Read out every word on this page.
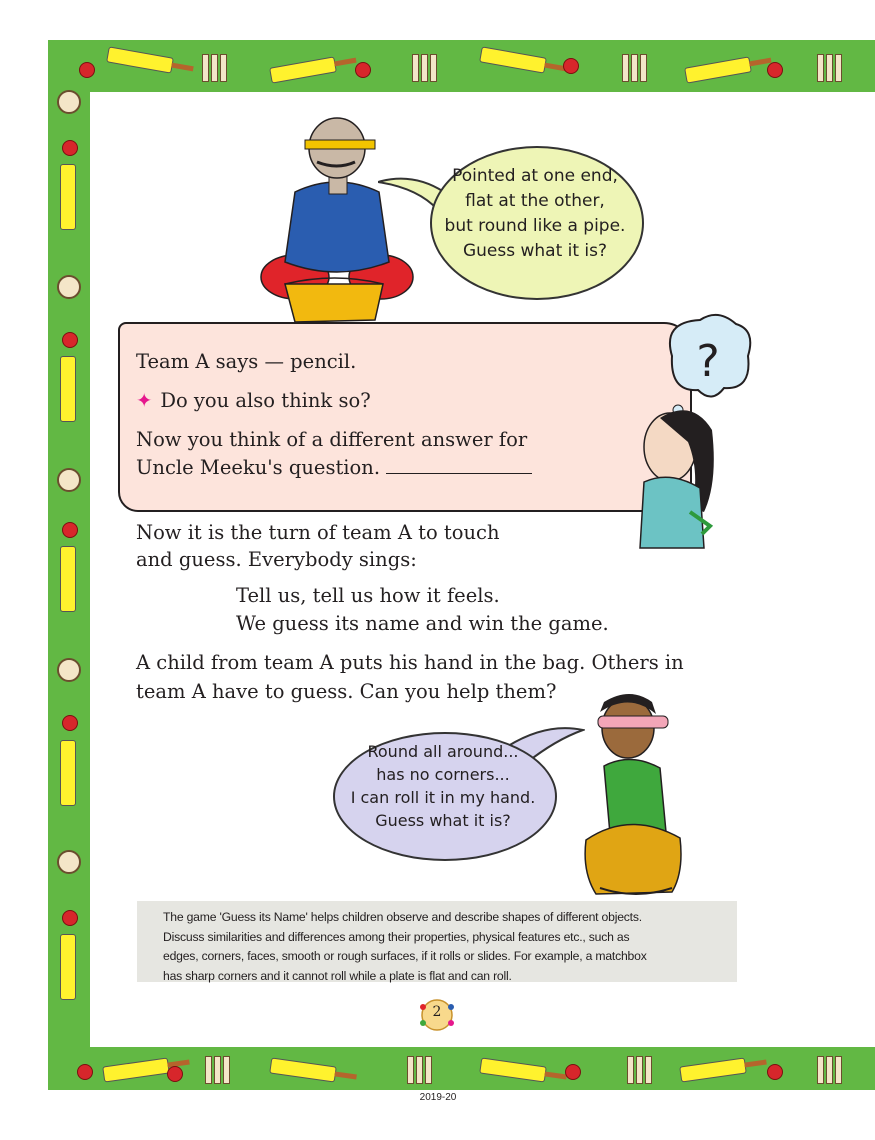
Pointed at one end,
flat at the other,
but round like a pipe.
Guess what it is?
Team A says — pencil.
✦ Do you also think so?
Now you think of a different answer for
Uncle Meeku's question.
?
Now it is the turn of team A to touch
and guess. Everybody sings:
Tell us, tell us how it feels.
We guess its name and win the game.
A child from team A puts his hand in the bag. Others in
team A have to guess. Can you help them?
Round all around...
has no corners...
I can roll it in my hand.
Guess what it is?

The game 'Guess its Name' helps children observe and describe shapes of different objects.
Discuss similarities and differences among their properties, physical features etc., such as
edges, corners, faces, smooth or rough surfaces, if it rolls or slides. For example, a matchbox
has sharp corners and it cannot roll while a plate is flat and can roll.

2
2019-20
